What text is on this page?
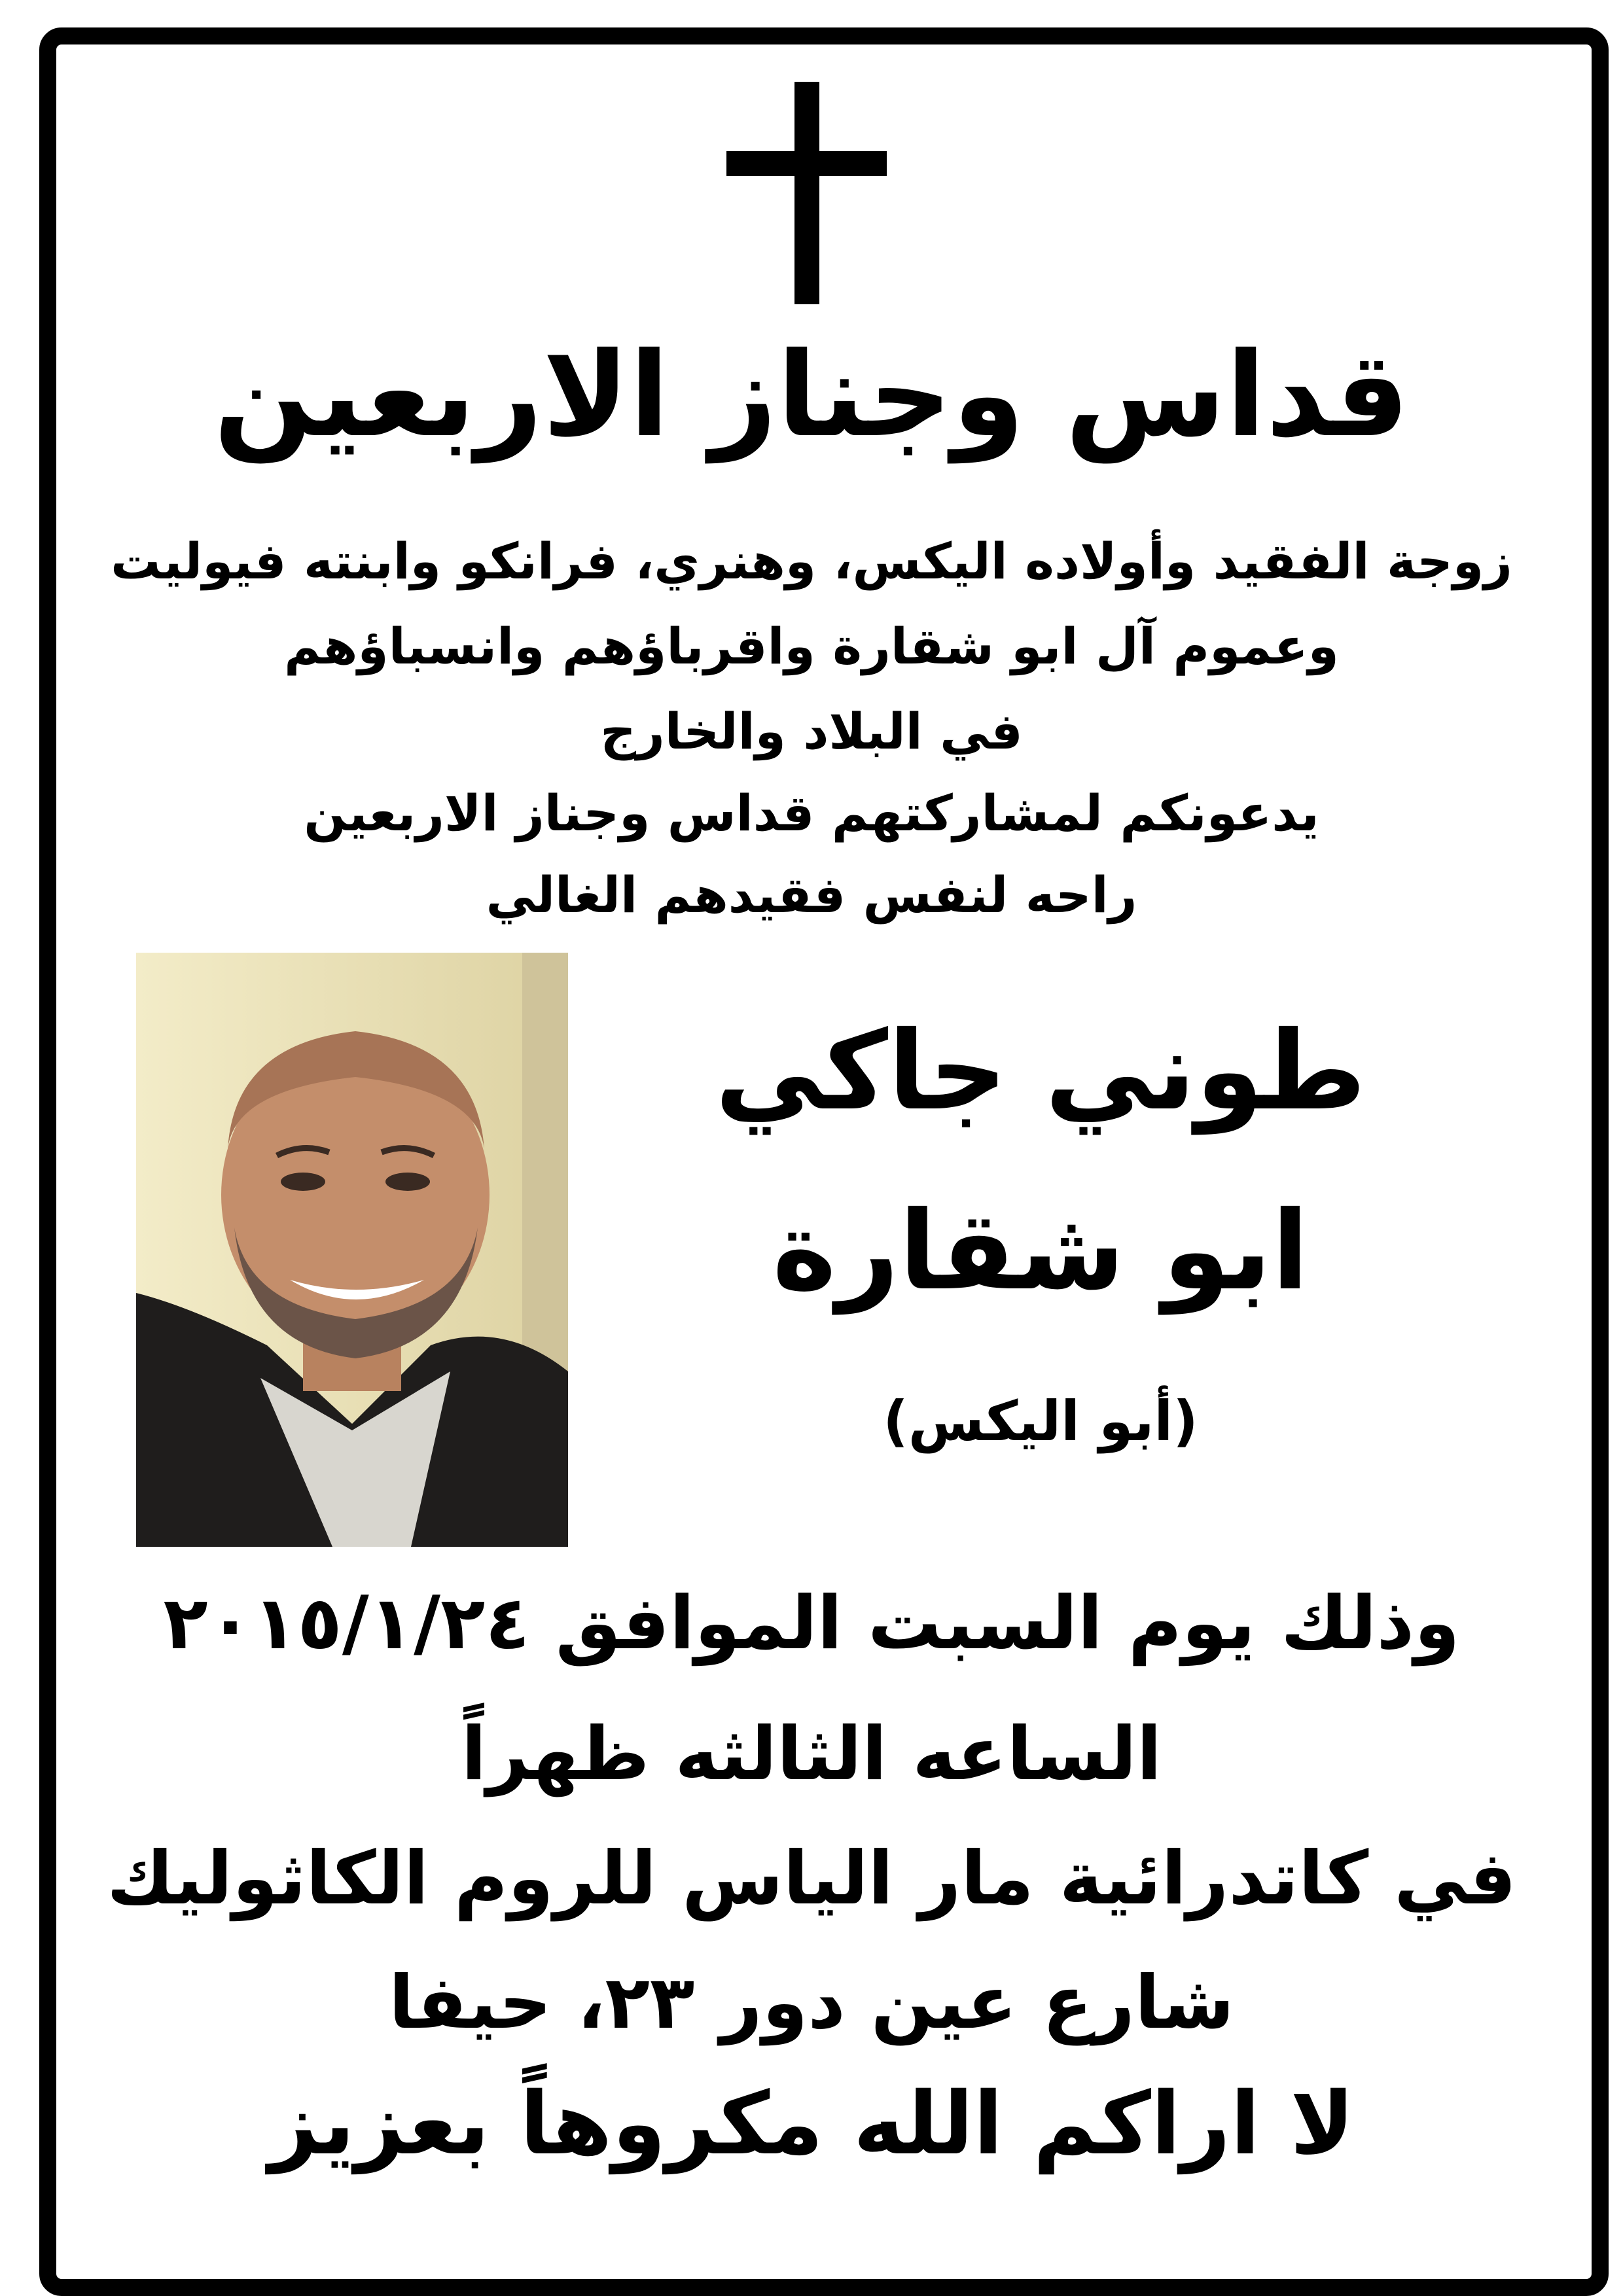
قداس وجناز الاربعين
زوجة الفقيد وأولاده اليكس، وهنري، فرانكو وابنته فيوليت
وعموم آل ابو شقارة واقرباؤهم وانسباؤهم
في البلاد والخارج
يدعونكم لمشاركتهم قداس وجناز الاربعين
راحه لنفس فقيدهم الغالي
طوني جاكي
ابو شقارة
(أبو اليكس)
وذلك يوم السبت الموافق ٢٠١٥/١/٢٤
الساعه الثالثه ظهراً
في كاتدرائية مار الياس للروم الكاثوليك
شارع عين دور ٢٣، حيفا
لا اراكم الله مكروهاً بعزيز
